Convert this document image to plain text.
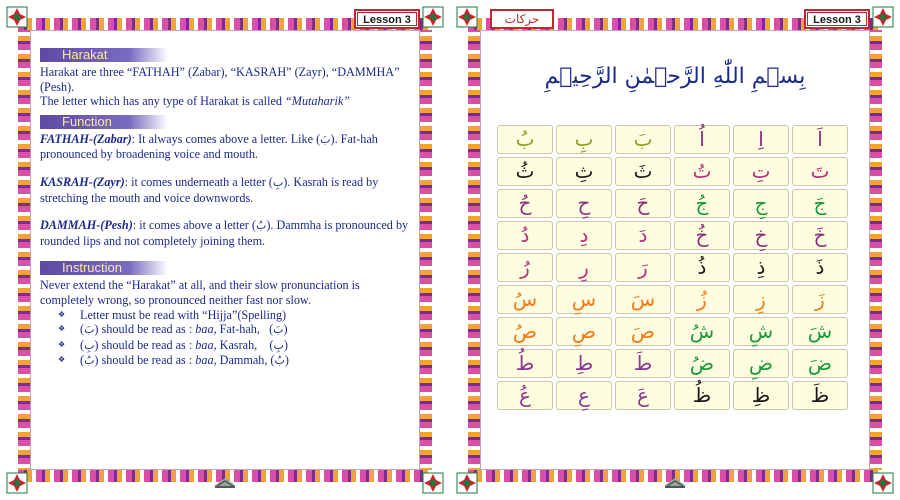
Lesson 3
Harakat

Harakat are three “FATHAH” (Zabar), “KASRAH” (Zayr), “DAMMHA” (Pesh).
The letter which has any type of Harakat is called “Mutaharik”

Function

FATHAH-(Zabar): It always comes above a letter. Like (بَ). Fat-hah pronounced by broadening voice and mouth.

KASRAH-(Zayr): it comes underneath a letter (بِ). Kasrah is read by stretching the mouth and voice downwords.

DAMMAH-(Pesh): it comes above a letter (بُ). Dammha is pronounced by rounded lips and not completely joining them.

Instruction

Never extend the “Harakat” at all, and their slow pronunciation is completely wrong, so pronounced neither fast nor slow.

❖ Letter must be read with “Hijja”(Spelling)
❖ (بَ) should be read as : baa, Fat-hah,   (بَ)
❖ (بِ) should be read as : baa, Kasrah,    (بِ)
❖ (بُ) should be read as : baa, Dammah, (بُ)
حركات	Lesson 3
بِسۡمِ اللّٰهِ الرَّحۡمٰنِ الرَّحِیۡمِ
بُ	بِ	بَ	اُ	اِ	اَ
ثُ	ثِ	ثَ	تُ	تِ	تَ
حُ	حِ	حَ	جُ	جِ	جَ
دُ	دِ	دَ	خُ	خِ	خَ
رُ	رِ	رَ	ذُ	ذِ	ذَ
سُ	سِ	سَ	زُ	زِ	زَ
صُ	صِ	صَ	شُ	شِ	شَ
طُ	طِ	طَ	ضُ	ضِ	ضَ
عُ	عِ	عَ	ظُ	ظِ	ظَ
